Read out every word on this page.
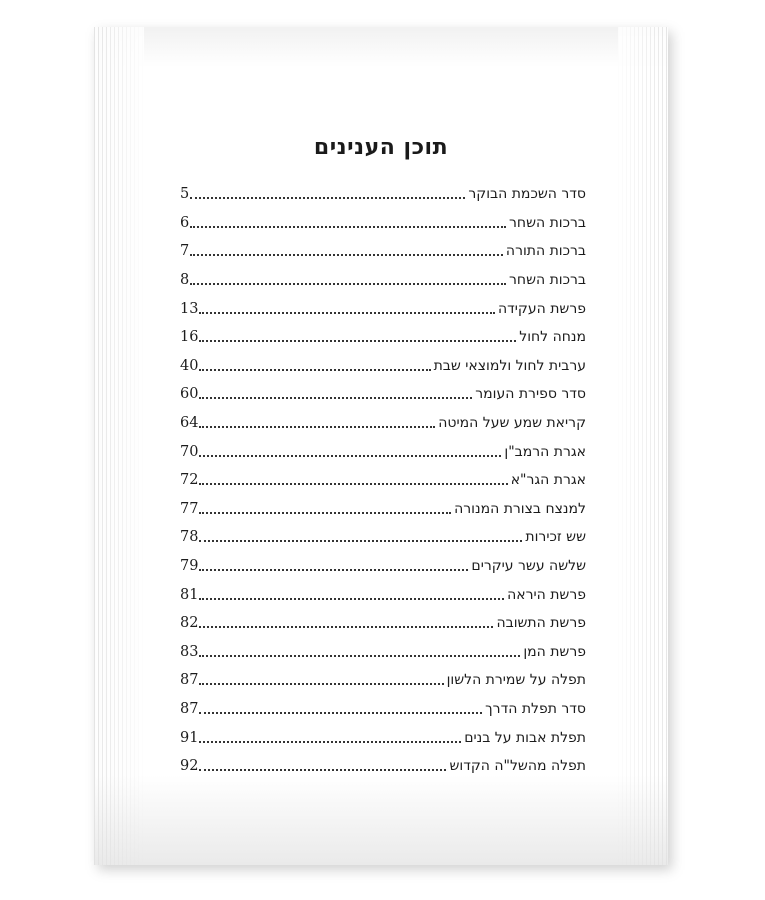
תוכן הענינים
סדר השכמת הבוקר
5
ברכות השחר
6
ברכות התורה
7
ברכות השחר
8
פרשת העקידה
13
מנחה לחול
16
ערבית לחול ולמוצאי שבת
40
סדר ספירת העומר
60
קריאת שמע שעל המיטה
64
אגרת הרמב"ן
70
אגרת הגר"א
72
למנצח בצורת המנורה
77
שש זכירות
78
שלשה עשר עיקרים
79
פרשת היראה
81
פרשת התשובה
82
פרשת המן
83
תפלה על שמירת הלשון
87
סדר תפלת הדרך
87
תפלת אבות על בנים
91
תפלה מהשל"ה הקדוש
92
